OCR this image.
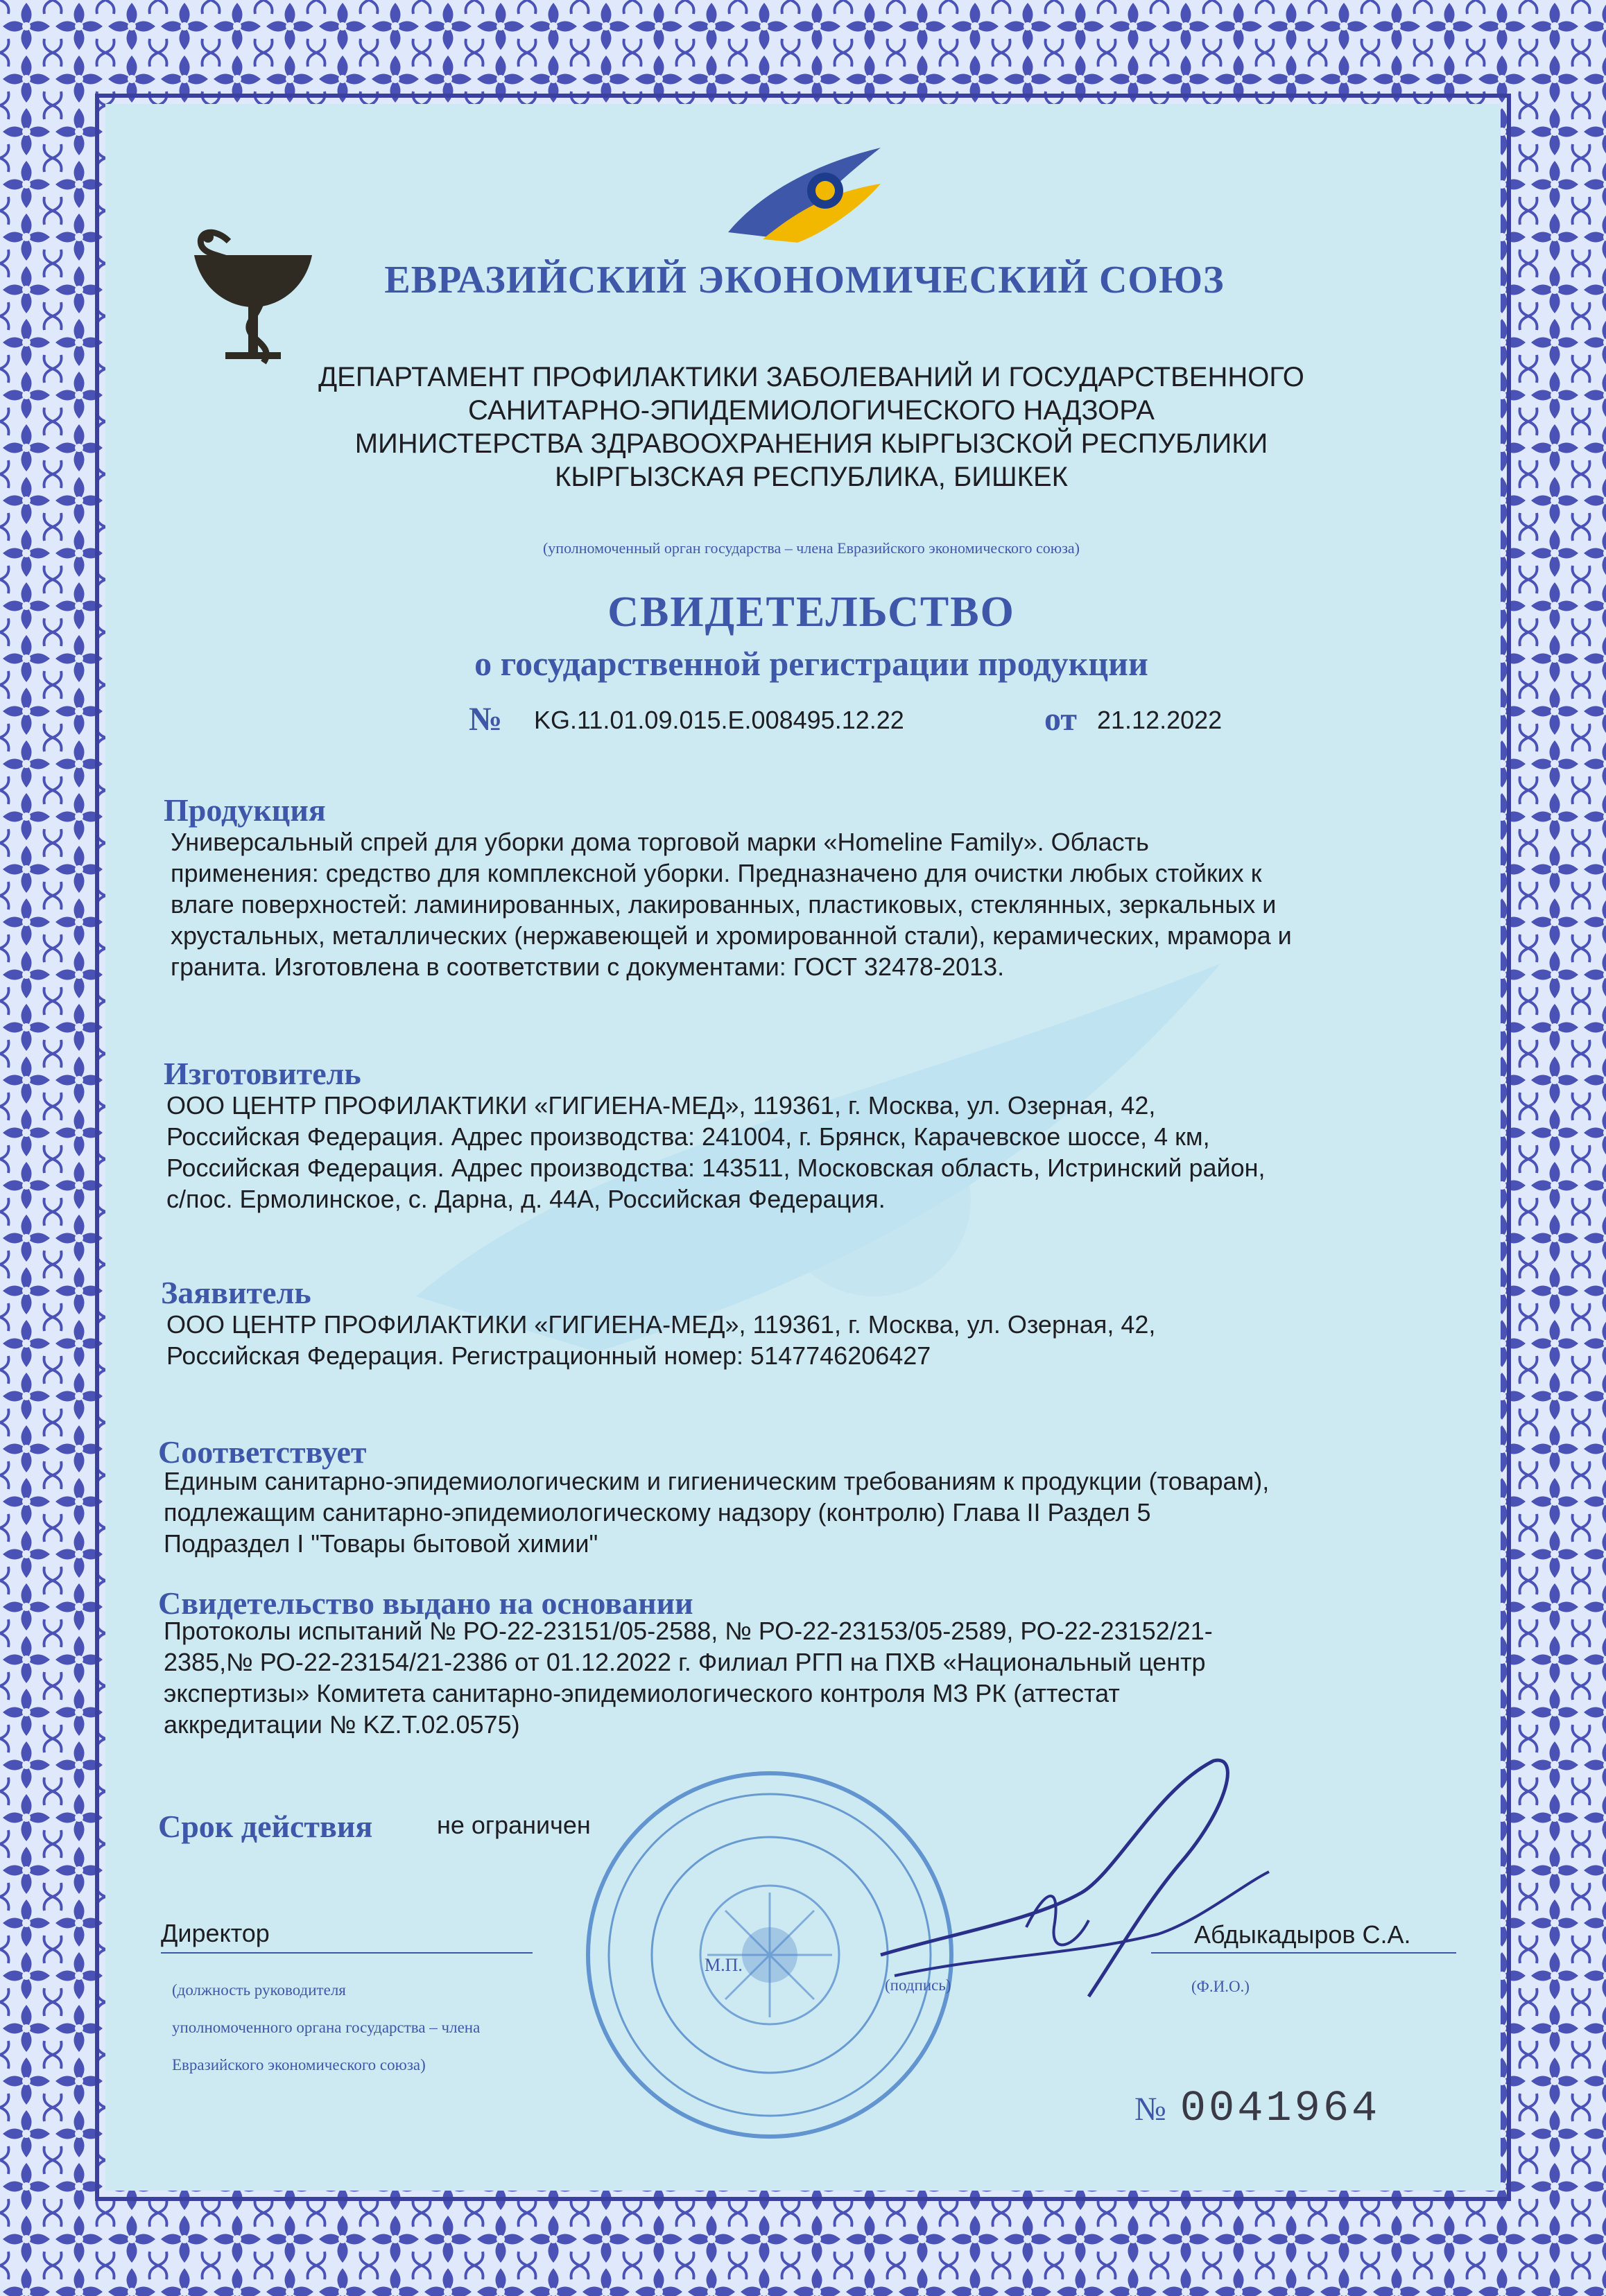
ЕВРАЗИЙСКИЙ ЭКОНОМИЧЕСКИЙ СОЮЗ
ДЕПАРТАМЕНТ ПРОФИЛАКТИКИ ЗАБОЛЕВАНИЙ И ГОСУДАРСТВЕННОГО
САНИТАРНО-ЭПИДЕМИОЛОГИЧЕСКОГО НАДЗОРА
МИНИСТЕРСТВА ЗДРАВООХРАНЕНИЯ КЫРГЫЗСКОЙ РЕСПУБЛИКИ
КЫРГЫЗСКАЯ РЕСПУБЛИКА, БИШКЕК
(уполномоченный орган государства – члена Евразийского экономического союза)
СВИДЕТЕЛЬСТВО
о государственной регистрации продукции
№ KG.11.01.09.015.E.008495.12.22	от 21.12.2022
Продукция
Универсальный спрей для уборки дома торговой марки «Homeline Family». Область
применения: средство для комплексной уборки. Предназначено для очистки любых стойких к
влаге поверхностей: ламинированных, лакированных, пластиковых, стеклянных, зеркальных и
хрустальных, металлических (нержавеющей и хромированной стали), керамических, мрамора и
гранита. Изготовлена в соответствии с документами: ГОСТ 32478-2013.
Изготовитель
ООО ЦЕНТР ПРОФИЛАКТИКИ «ГИГИЕНА-МЕД», 119361, г. Москва, ул. Озерная, 42,
Российская Федерация. Адрес производства: 241004, г. Брянск, Карачевское шоссе, 4 км,
Российская Федерация. Адрес производства: 143511, Московская область, Истринский район,
с/пос. Ермолинское, с. Дарна, д. 44А, Российская Федерация.
Заявитель
ООО ЦЕНТР ПРОФИЛАКТИКИ «ГИГИЕНА-МЕД», 119361, г. Москва, ул. Озерная, 42,
Российская Федерация. Регистрационный номер: 5147746206427
Соответствует
Единым санитарно-эпидемиологическим и гигиеническим требованиям к продукции (товарам),
подлежащим санитарно-эпидемиологическому надзору (контролю) Глава II Раздел 5
Подраздел I "Товары бытовой химии"
Свидетельство выдано на основании
Протоколы испытаний № РО-22-23151/05-2588, № РО-22-23153/05-2589, РО-22-23152/21-
2385,№ РО-22-23154/21-2386 от 01.12.2022 г. Филиал РГП на ПХВ «Национальный центр
экспертизы» Комитета санитарно-эпидемиологического контроля МЗ РК (аттестат
аккредитации № KZ.T.02.0575)
Срок действия	не ограничен
Директор
(должность руководителя
уполномоченного органа государства – члена
Евразийского экономического союза)
М.П.
(подпись)
Абдыкадыров С.А.
(Ф.И.О.)
№ 0041964
